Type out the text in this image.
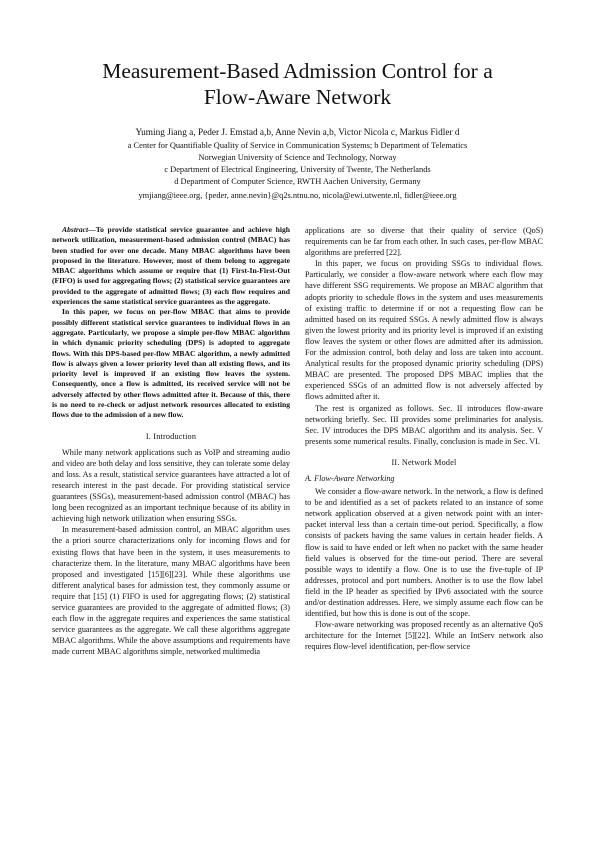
Measurement-Based Admission Control for a
Flow-Aware Network
Yuming Jiang a, Peder J. Emstad a,b, Anne Nevin a,b, Victor Nicola c, Markus Fidler d
a Center for Quantifiable Quality of Service in Communication Systems; b Department of Telematics
Norwegian University of Science and Technology, Norway
c Department of Electrical Engineering, University of Twente, The Netherlands
d Department of Computer Science, RWTH Aachen University, Germany
ymjiang@ieee.org, {peder, anne.nevin}@q2s.ntnu.no, nicola@ewi.utwente.nl, fidler@ieee.org

Abstract—To provide statistical service guarantee and achieve high network utilization, measurement-based admission control (MBAC) has been studied for over one decade. Many MBAC algorithms have been proposed in the literature. However, most of them belong to aggregate MBAC algorithms which assume or require that (1) First-In-First-Out (FIFO) is used for aggregating flows; (2) statistical service guarantees are provided to the aggregate of admitted flows; (3) each flow requires and experiences the same statistical service guarantees as the aggregate.

In this paper, we focus on per-flow MBAC that aims to provide possibly different statistical service guarantees to individual flows in an aggregate. Particularly, we propose a simple per-flow MBAC algorithm in which dynamic priority scheduling (DPS) is adopted to aggregate flows. With this DPS-based per-flow MBAC algorithm, a newly admitted flow is always given a lower priority level than all existing flows, and its priority level is improved if an existing flow leaves the system. Consequently, once a flow is admitted, its received service will not be adversely affected by other flows admitted after it. Because of this, there is no need to re-check or adjust network resources allocated to existing flows due to the admission of a new flow.

I. Introduction

While many network applications such as VoIP and streaming audio and video are both delay and loss sensitive, they can tolerate some delay and loss. As a result, statistical service guarantees have attracted a lot of research interest in the past decade. For providing statistical service guarantees (SSGs), measurement-based admission control (MBAC) has long been recognized as an important technique because of its ability in achieving high network utilization when ensuring SSGs.

In measurement-based admission control, an MBAC algorithm uses the a priori source characterizations only for incoming flows and for existing flows that have been in the system, it uses measurements to characterize them. In the literature, many MBAC algorithms have been proposed and investigated [15][6][23]. While these algorithms use different analytical bases for admission test, they commonly assume or require that [15] (1) FIFO is used for aggregating flows; (2) statistical service guarantees are provided to the aggregate of admitted flows; (3) each flow in the aggregate requires and experiences the same statistical service guarantees as the aggregate. We call these algorithms aggregate MBAC algorithms. While the above assumptions and requirements have made current MBAC algorithms simple, networked multimedia

applications are so diverse that their quality of service (QoS) requirements can be far from each other. In such cases, per-flow MBAC algorithms are preferred [22].

In this paper, we focus on providing SSGs to individual flows. Particularly, we consider a flow-aware network where each flow may have different SSG requirements. We propose an MBAC algorithm that adopts priority to schedule flows in the system and uses measurements of existing traffic to determine if or not a requesting flow can be admitted based on its required SSGs. A newly admitted flow is always given the lowest priority and its priority level is improved if an existing flow leaves the system or other flows are admitted after its admission. For the admission control, both delay and loss are taken into account. Analytical results for the proposed dynamic priority scheduling (DPS) MBAC are presented. The proposed DPS MBAC implies that the experienced SSGs of an admitted flow is not adversely affected by flows admitted after it.

The rest is organized as follows. Sec. II introduces flow-aware networking briefly. Sec. III provides some preliminaries for analysis. Sec. IV introduces the DPS MBAC algorithm and its analysis. Sec. V presents some numerical results. Finally, conclusion is made in Sec. VI.

II. Network Model
A. Flow-Aware Networking

We consider a flow-aware network. In the network, a flow is defined to be and identified as a set of packets related to an instance of some network application observed at a given network point with an inter-packet interval less than a certain time-out period. Specifically, a flow consists of packets having the same values in certain header fields. A flow is said to have ended or left when no packet with the same header field values is observed for the time-out period. There are several possible ways to identify a flow. One is to use the five-tuple of IP addresses, protocol and port numbers. Another is to use the flow label field in the IP header as specified by IPv6 associated with the source and/or destination addresses. Here, we simply assume each flow can be identified, but how this is done is out of the scope.

Flow-aware networking was proposed recently as an alternative QoS architecture for the Internet [5][22]. While an IntServ network also requires flow-level identification, per-flow service
